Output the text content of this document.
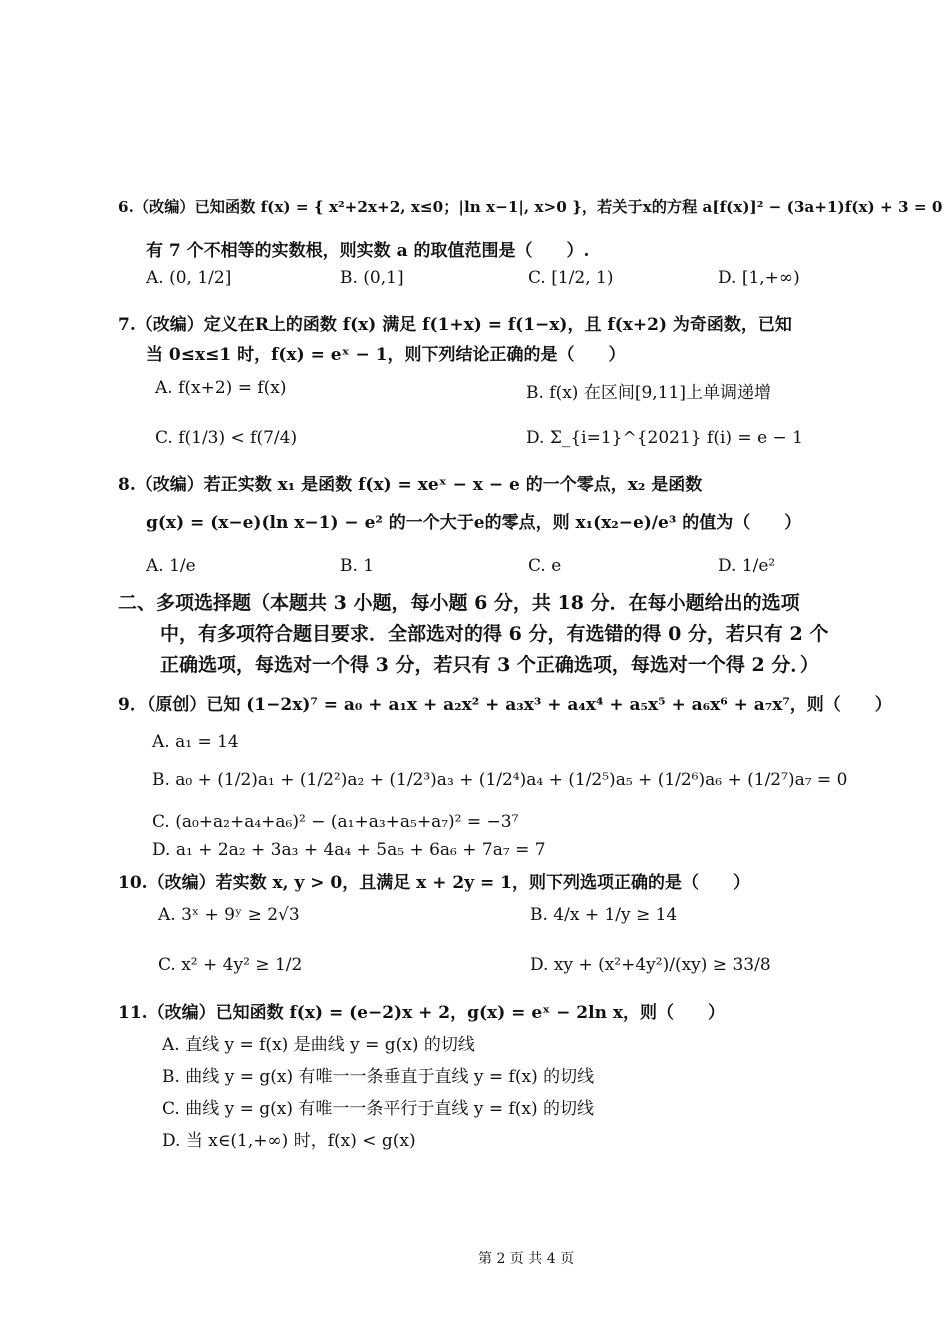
6.（改编）已知函数 f(x) = { x²+2x+2, x≤0；|ln x−1|, x>0 }，若关于x的方程 a[f(x)]² − (3a+1)f(x) + 3 = 0
有 7 个不相等的实数根，则实数 a 的取值范围是（　　）.
A. (0, 1/2]	B. (0,1]	C. [1/2, 1)	D. [1,+∞)
7.（改编）定义在R上的函数 f(x) 满足 f(1+x) = f(1−x)，且 f(x+2) 为奇函数，已知
当 0≤x≤1 时，f(x) = eˣ − 1，则下列结论正确的是（　　）
A. f(x+2) = f(x)	B. f(x) 在区间[9,11]上单调递增
C. f(1/3) < f(7/4)	D. Σ_{i=1}^{2021} f(i) = e − 1
8.（改编）若正实数 x₁ 是函数 f(x) = xeˣ − x − e 的一个零点，x₂ 是函数
g(x) = (x−e)(ln x−1) − e² 的一个大于e的零点，则 x₁(x₂−e)/e³ 的值为（　　）
A. 1/e	B. 1	C. e	D. 1/e²
二、多项选择题（本题共 3 小题，每小题 6 分，共 18 分．在每小题给出的选项
中，有多项符合题目要求．全部选对的得 6 分，有选错的得 0 分，若只有 2 个
正确选项，每选对一个得 3 分，若只有 3 个正确选项，每选对一个得 2 分．）
9．（原创）已知 (1−2x)⁷ = a₀ + a₁x + a₂x² + a₃x³ + a₄x⁴ + a₅x⁵ + a₆x⁶ + a₇x⁷，则（　　）
A. a₁ = 14
B. a₀ + (1/2)a₁ + (1/2²)a₂ + (1/2³)a₃ + (1/2⁴)a₄ + (1/2⁵)a₅ + (1/2⁶)a₆ + (1/2⁷)a₇ = 0
C. (a₀+a₂+a₄+a₆)² − (a₁+a₃+a₅+a₇)² = −3⁷
D. a₁ + 2a₂ + 3a₃ + 4a₄ + 5a₅ + 6a₆ + 7a₇ = 7
10.（改编）若实数 x, y > 0，且满足 x + 2y = 1，则下列选项正确的是（　　）
A. 3ˣ + 9ʸ ≥ 2√3	B. 4/x + 1/y ≥ 14
C. x² + 4y² ≥ 1/2	D. xy + (x²+4y²)/(xy) ≥ 33/8
11.（改编）已知函数 f(x) = (e−2)x + 2，g(x) = eˣ − 2ln x，则（　　）
A. 直线 y = f(x) 是曲线 y = g(x) 的切线
B. 曲线 y = g(x) 有唯一一条垂直于直线 y = f(x) 的切线
C. 曲线 y = g(x) 有唯一一条平行于直线 y = f(x) 的切线
D. 当 x∈(1,+∞) 时，f(x) < g(x)
第 2 页 共 4 页
